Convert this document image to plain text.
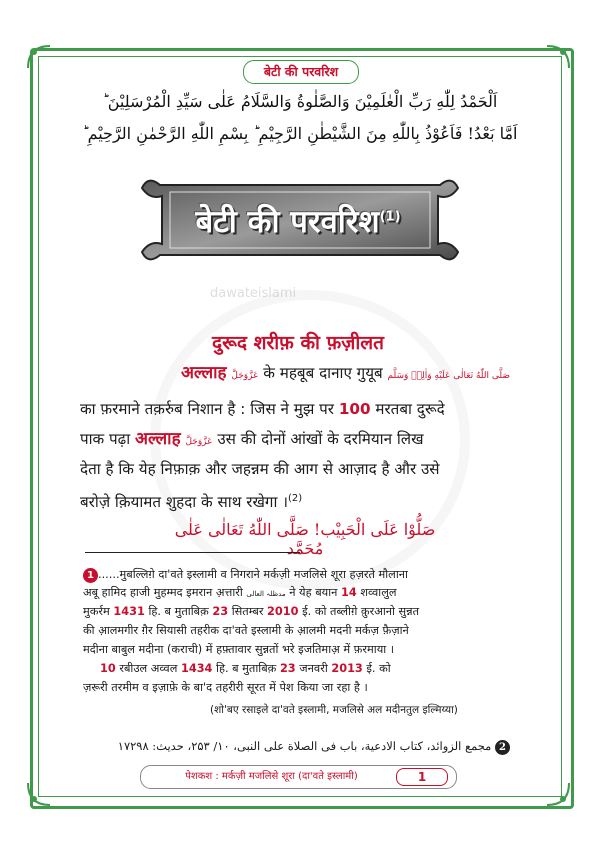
बेटी की परवरिश
اَلْحَمْدُ لِلّٰهِ رَبِّ الْعٰلَمِیْنَ وَالصَّلٰوةُ وَالسَّلَامُ عَلٰی سَیِّدِ الْمُرْسَلِیْنَ ؕ
اَمَّا بَعْدُ! فَاَعُوْذُ بِاللّٰهِ مِنَ الشَّیْطٰنِ الرَّجِیْمِ ؕ بِسْمِ اللّٰهِ الرَّحْمٰنِ الرَّحِیْمِ ؕ
dawateislami
बेटी की परवरिश$^{(1)}$
दुरूद शरीफ़ की फ़ज़ीलत
अल्लाह عَزَّوَجَلَّ के महबूब दानाए गुयूब صَلَّی اللّٰهُ تَعَالٰی عَلَیْهِ وَاٰلِهٖ وَسَلَّم
का फ़रमाने तक़र्रुब निशान है : जिस ने मुझ पर 100 मरतबा दुरूदे
पाक पढ़ा अल्लाह عَزَّوَجَلَّ उस की दोनों आंखों के दरमियान लिख
देता है कि येह निफ़ाक़ और जहन्नम की आग से आज़ाद है और उसे
बरोज़े क़ियामत शुहदा के साथ रखेगा ।$^{(2)}$
صَلُّوْا عَلَی الْحَبِیْب! صَلَّی اللّٰهُ تَعَالٰی عَلٰی مُحَمَّد
1 ......मुबल्लिग़े दा'वते इस्लामी व निगराने मर्कज़ी मजलिसे शूरा हज़रते मौलाना
अबू हामिद हाजी मुहम्मद इमरान अ़त्तारी مدظلہ العالی ने येह बयान 14 शव्वालुल
मुकर्रम 1431 हि. ब मुताबिक़ 23 सितम्बर 2010 ई. को तब्लीग़े क़ुरआनो सुन्नत
की आ़लमगीर ग़ैर सियासी तहरीक दा'वते इस्लामी के आ़लमी मदनी मर्कज़ फ़ैज़ाने
मदीना बाबुल मदीना (कराची) में हफ़्तावार सुन्नतों भरे इजतिमाअ़ में फ़रमाया ।
10 रबीउल अव्वल 1434 हि. ब मुताबिक़ 23 जनवरी 2013 ई. को
ज़रूरी तरमीम व इज़ाफ़े के बा'द तहरीरी सूरत में पेश किया जा रहा है ।
(शो'बए रसाइले दा'वते इस्लामी, मजलिसे अल मदीनतुल इल्मिय्या)
2 مجمع الزوائد، کتاب الادعیة، باب فی الصلاة علی النبی، ۱۰/ ۲۵۳، حدیث: ۱۷۲۹۸
पेशकश : मर्कज़ी मजलिसे शूरा (दा'वते इस्लामी)	1
